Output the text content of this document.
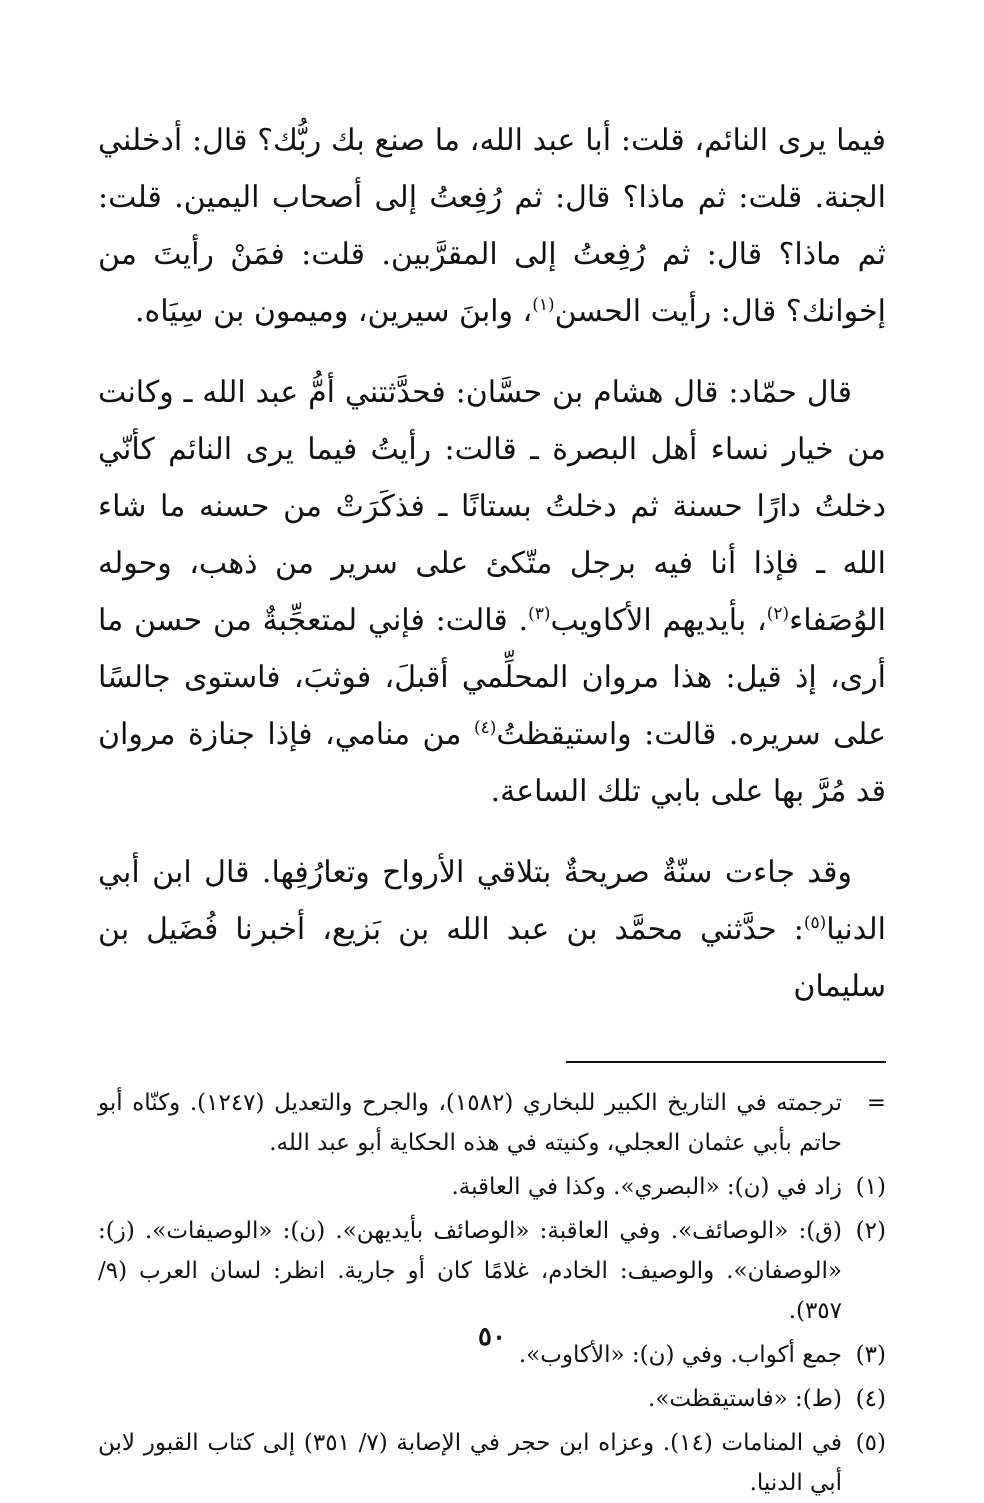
فيما يرى النائم، قلت: أبا عبد الله، ما صنع بك ربُّك؟ قال: أدخلني الجنة. قلت: ثم ماذا؟ قال: ثم رُفِعتُ إلى أصحاب اليمين. قلت: ثم ماذا؟ قال: ثم رُفِعتُ إلى المقرَّبين. قلت: فمَنْ رأيتَ من إخوانك؟ قال: رأيت الحسن$^{(١)}$، وابنَ سيرين، وميمون بن سِيَاه.

قال حمّاد: قال هشام بن حسَّان: فحدَّثتني أمُّ عبد الله ـ وكانت من خيار نساء أهل البصرة ـ قالت: رأيتُ فيما يرى النائم كأنّي دخلتُ دارًا حسنة ثم دخلتُ بستانًا ـ فذكَرَتْ من حسنه ما شاء الله ـ فإذا أنا فيه برجل متّكئ على سرير من ذهب، وحوله الوُصَفاء$^{(٢)}$، بأيديهم الأكاويب$^{(٣)}$. قالت: فإني لمتعجِّبةٌ من حسن ما أرى، إذ قيل: هذا مروان المحلِّمي أقبلَ، فوثبَ، فاستوى جالسًا على سريره. قالت: واستيقظتُ$^{(٤)}$ من منامي، فإذا جنازة مروان قد مُرَّ بها على بابي تلك الساعة.

وقد جاءت سنّةٌ صريحةٌ بتلاقي الأرواح وتعارُفِها. قال ابن أبي الدنيا$^{(٥)}$: حدَّثني محمَّد بن عبد الله بن بَزيع، أخبرنا فُضَيل بن سليمان

=
ترجمته في التاريخ الكبير للبخاري (١٥٨٢)، والجرح والتعديل (١٢٤٧). وكنّاه أبو حاتم بأبي عثمان العجلي، وكنيته في هذه الحكاية أبو عبد الله.
(١)
زاد في (ن): «البصري». وكذا في العاقبة.
(٢)
(ق): «الوصائف». وفي العاقبة: «الوصائف بأيديهن». (ن): «الوصيفات». (ز): «الوصفان». والوصيف: الخادم، غلامًا كان أو جارية. انظر: لسان العرب (٩/ ٣٥٧).
(٣)
جمع أكواب. وفي (ن): «الأكاوب».
(٤)
(ط): «فاستيقظت».
(٥)
في المنامات (١٤). وعزاه ابن حجر في الإصابة (٧/ ٣٥١) إلى كتاب القبور لابن أبي الدنيا.
٥٠
